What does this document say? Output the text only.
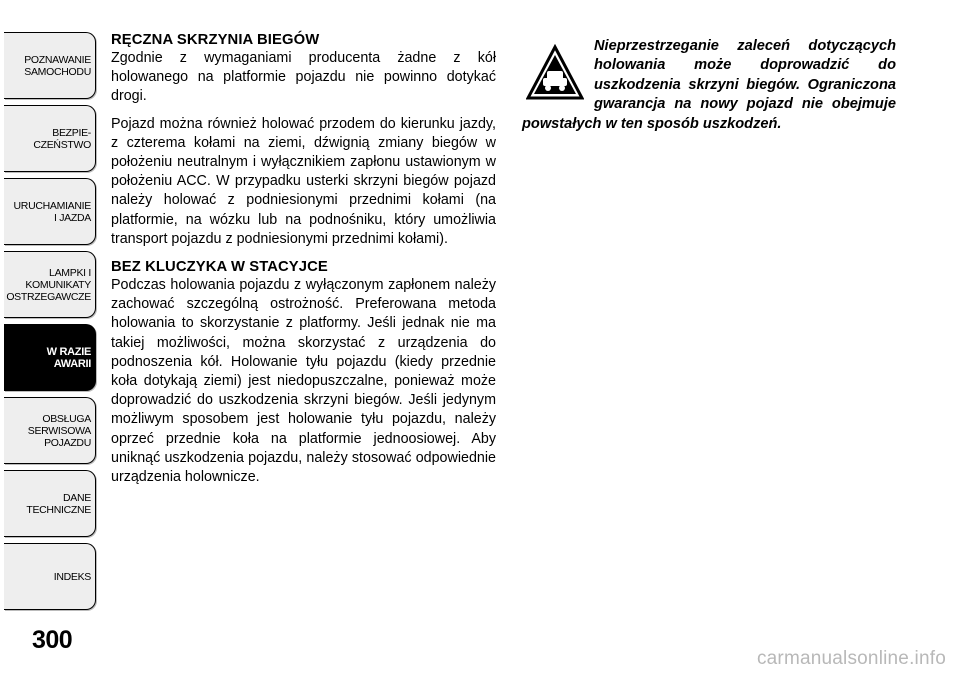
POZNAWANIE
SAMOCHODU
BEZPIE-
CZEŃSTWO
URUCHAMIANIE
I JAZDA
LAMPKI I
KOMUNIKATY
OSTRZEGAWCZE
W RAZIE
AWARII
OBSŁUGA
SERWISOWA
POJAZDU
DANE
TECHNICZNE
INDEKS
300
RĘCZNA SKRZYNIA BIEGÓW

Zgodnie z wymaganiami producenta żadne z kół holowanego na platformie pojazdu nie powinno dotykać drogi.

Pojazd można również holować przodem do kierunku jazdy, z czterema kołami na ziemi, dźwignią zmiany biegów w położeniu neutralnym i wyłącznikiem zapłonu ustawionym w położeniu ACC. W przypadku usterki skrzyni biegów pojazd należy holować z podniesionymi przednimi kołami (na platformie, na wózku lub na podnośniku, który umożliwia transport pojazdu z podniesionymi przednimi kołami).

BEZ KLUCZYKA W STACYJCE

Podczas holowania pojazdu z wyłączonym zapłonem należy zachować szczególną ostrożność. Preferowana metoda holowania to skorzystanie z platformy. Jeśli jednak nie ma takiej możliwości, można skorzystać z urządzenia do podnoszenia kół. Holowanie tyłu pojazdu (kiedy przednie koła dotykają ziemi) jest niedopuszczalne, ponieważ może doprowadzić do uszkodzenia skrzyni biegów. Jeśli jedynym możliwym sposobem jest holowanie tyłu pojazdu, należy oprzeć przednie koła na platformie jednoosiowej. Aby uniknąć uszkodzenia pojazdu, należy stosować odpowiednie urządzenia holownicze.

Nieprzestrzeganie zaleceń dotyczących holowania może doprowadzić do uszkodzenia skrzyni biegów. Ograniczona gwarancja na nowy pojazd nie obejmuje powstałych w ten sposób uszkodzeń.

carmanualsonline.info
